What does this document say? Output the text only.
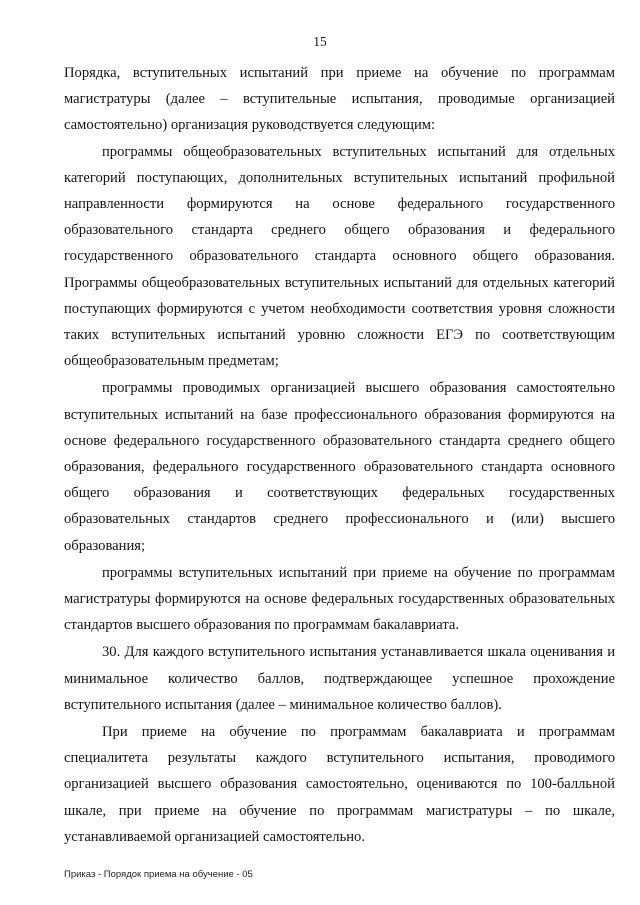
15

Порядка, вступительных испытаний при приеме на обучение по программам магистратуры (далее – вступительные испытания, проводимые организацией самостоятельно) организация руководствуется следующим:

программы общеобразовательных вступительных испытаний для отдельных категорий поступающих, дополнительных вступительных испытаний профильной направленности формируются на основе федерального государственного образовательного стандарта среднего общего образования и федерального государственного образовательного стандарта основного общего образования. Программы общеобразовательных вступительных испытаний для отдельных категорий поступающих формируются с учетом необходимости соответствия уровня сложности таких вступительных испытаний уровню сложности ЕГЭ по соответствующим общеобразовательным предметам;

программы проводимых организацией высшего образования самостоятельно вступительных испытаний на базе профессионального образования формируются на основе федерального государственного образовательного стандарта среднего общего образования, федерального государственного образовательного стандарта основного общего образования и соответствующих федеральных государственных образовательных стандартов среднего профессионального и (или) высшего образования;

программы вступительных испытаний при приеме на обучение по программам магистратуры формируются на основе федеральных государственных образовательных стандартов высшего образования по программам бакалавриата.

30. Для каждого вступительного испытания устанавливается шкала оценивания и минимальное количество баллов, подтверждающее успешное прохождение вступительного испытания (далее – минимальное количество баллов).

При приеме на обучение по программам бакалавриата и программам специалитета результаты каждого вступительного испытания, проводимого организацией высшего образования самостоятельно, оцениваются по 100-балльной шкале, при приеме на обучение по программам магистратуры – по шкале, устанавливаемой организацией самостоятельно.

Приказ - Порядок приема на обучение - 05
